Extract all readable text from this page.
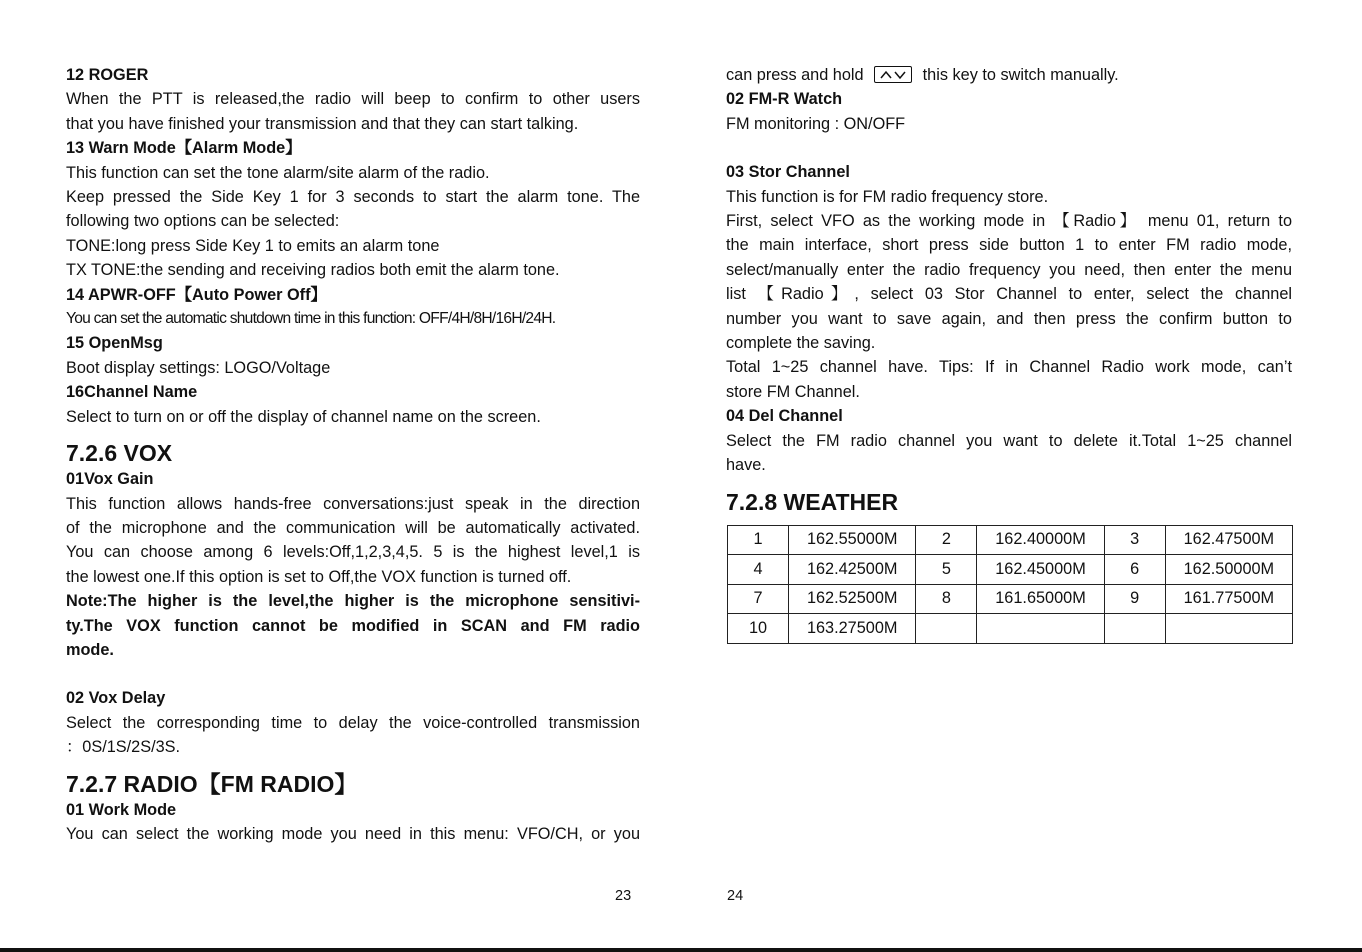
12 ROGER

When the PTT is released,the radio will beep to confirm to other users

that you have finished your transmission and that they can start talking.

13 Warn Mode【Alarm Mode】

This function can set the tone alarm/site alarm of the radio.

Keep pressed the Side Key 1 for 3 seconds to start the alarm tone. The

following two options can be selected:

TONE:long press Side Key 1 to emits an alarm tone

TX TONE:the sending and receiving radios both emit the alarm tone.

14 APWR-OFF【Auto Power Off】

You can set the automatic shutdown time in this function: OFF/4H/8H/16H/24H.

15 OpenMsg

Boot display settings: LOGO/Voltage

16Channel Name

Select to turn on or off the display of channel name on the screen.

7.2.6 VOX

01Vox Gain

This function allows hands-free conversations:just speak in the direction

of the microphone and the communication will be automatically activated.

You can choose among 6 levels:Off,1,2,3,4,5. 5 is the highest level,1 is

the lowest one.If this option is set to Off,the VOX function is turned off.

Note:The higher is the level,the higher is the microphone sensitivi-

ty.The VOX function cannot be modified in SCAN and FM radio

mode.

02 Vox Delay

Select the corresponding time to delay the voice-controlled transmission

：0S/1S/2S/3S.

7.2.7 RADIO【FM RADIO】

01 Work Mode

You can select the working mode you need in this menu: VFO/CH, or you

23

can press and hold	this key to switch manually.

02 FM-R Watch

FM monitoring : ON/OFF

03 Stor Channel

This function is for FM radio frequency store.

First, select VFO as the working mode in 【Radio】 menu 01, return to

the main interface, short press side button 1 to enter FM radio mode,

select/manually enter the radio frequency you need, then enter the menu

list 【Radio】, select 03 Stor Channel to enter, select the channel

number you want to save again, and then press the confirm button to

complete the saving.

Total 1~25 channel have. Tips: If in Channel Radio work mode, can’t

store FM Channel.

04 Del Channel

Select the FM radio channel you want to delete it.Total 1~25 channel

have.

7.2.8 WEATHER

1	162.55000M	2	162.40000M	3	162.47500M
4	162.42500M	5	162.45000M	6	162.50000M
7	162.52500M	8	161.65000M	9	161.77500M
10	163.27500M				
24
